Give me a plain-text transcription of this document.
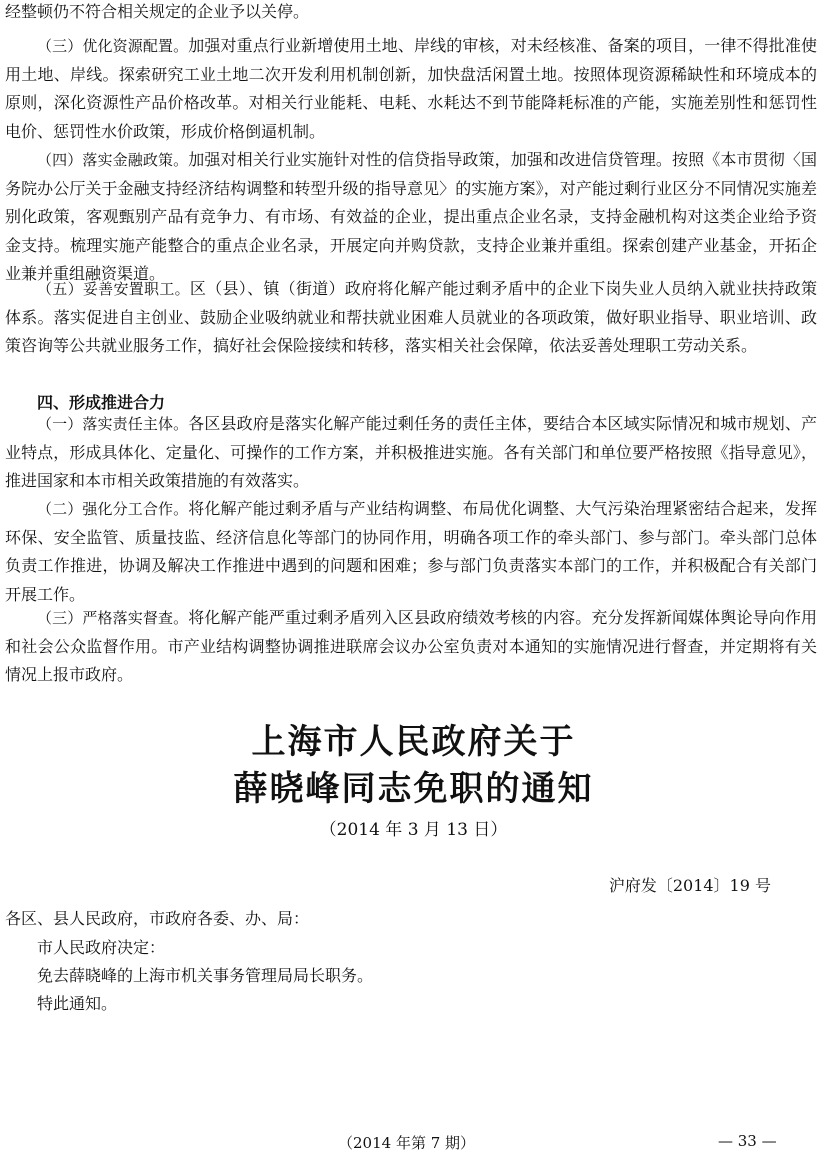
经整顿仍不符合相关规定的企业予以关停。

（三）优化资源配置。加强对重点行业新增使用土地、岸线的审核，对未经核准、备案的项目，一律不得批准使用土地、岸线。探索研究工业土地二次开发利用机制创新，加快盘活闲置土地。按照体现资源稀缺性和环境成本的原则，深化资源性产品价格改革。对相关行业能耗、电耗、水耗达不到节能降耗标准的产能，实施差别性和惩罚性电价、惩罚性水价政策，形成价格倒逼机制。

（四）落实金融政策。加强对相关行业实施针对性的信贷指导政策，加强和改进信贷管理。按照《本市贯彻〈国务院办公厅关于金融支持经济结构调整和转型升级的指导意见〉的实施方案》，对产能过剩行业区分不同情况实施差别化政策，客观甄别产品有竞争力、有市场、有效益的企业，提出重点企业名录，支持金融机构对这类企业给予资金支持。梳理实施产能整合的重点企业名录，开展定向并购贷款，支持企业兼并重组。探索创建产业基金，开拓企业兼并重组融资渠道。

（五）妥善安置职工。区（县）、镇（街道）政府将化解产能过剩矛盾中的企业下岗失业人员纳入就业扶持政策体系。落实促进自主创业、鼓励企业吸纳就业和帮扶就业困难人员就业的各项政策，做好职业指导、职业培训、政策咨询等公共就业服务工作，搞好社会保险接续和转移，落实相关社会保障，依法妥善处理职工劳动关系。

四、形成推进合力

（一）落实责任主体。各区县政府是落实化解产能过剩任务的责任主体，要结合本区域实际情况和城市规划、产业特点，形成具体化、定量化、可操作的工作方案，并积极推进实施。各有关部门和单位要严格按照《指导意见》，推进国家和本市相关政策措施的有效落实。

（二）强化分工合作。将化解产能过剩矛盾与产业结构调整、布局优化调整、大气污染治理紧密结合起来，发挥环保、安全监管、质量技监、经济信息化等部门的协同作用，明确各项工作的牵头部门、参与部门。牵头部门总体负责工作推进，协调及解决工作推进中遇到的问题和困难；参与部门负责落实本部门的工作，并积极配合有关部门开展工作。

（三）严格落实督查。将化解产能严重过剩矛盾列入区县政府绩效考核的内容。充分发挥新闻媒体舆论导向作用和社会公众监督作用。市产业结构调整协调推进联席会议办公室负责对本通知的实施情况进行督查，并定期将有关情况上报市政府。

上海市人民政府关于
薛晓峰同志免职的通知
（2014 年 3 月 13 日）
沪府发〔2014〕19 号
各区、县人民政府，市政府各委、办、局：
市人民政府决定：
免去薛晓峰的上海市机关事务管理局局长职务。
特此通知。
（2014 年第 7 期）	— 33 —
